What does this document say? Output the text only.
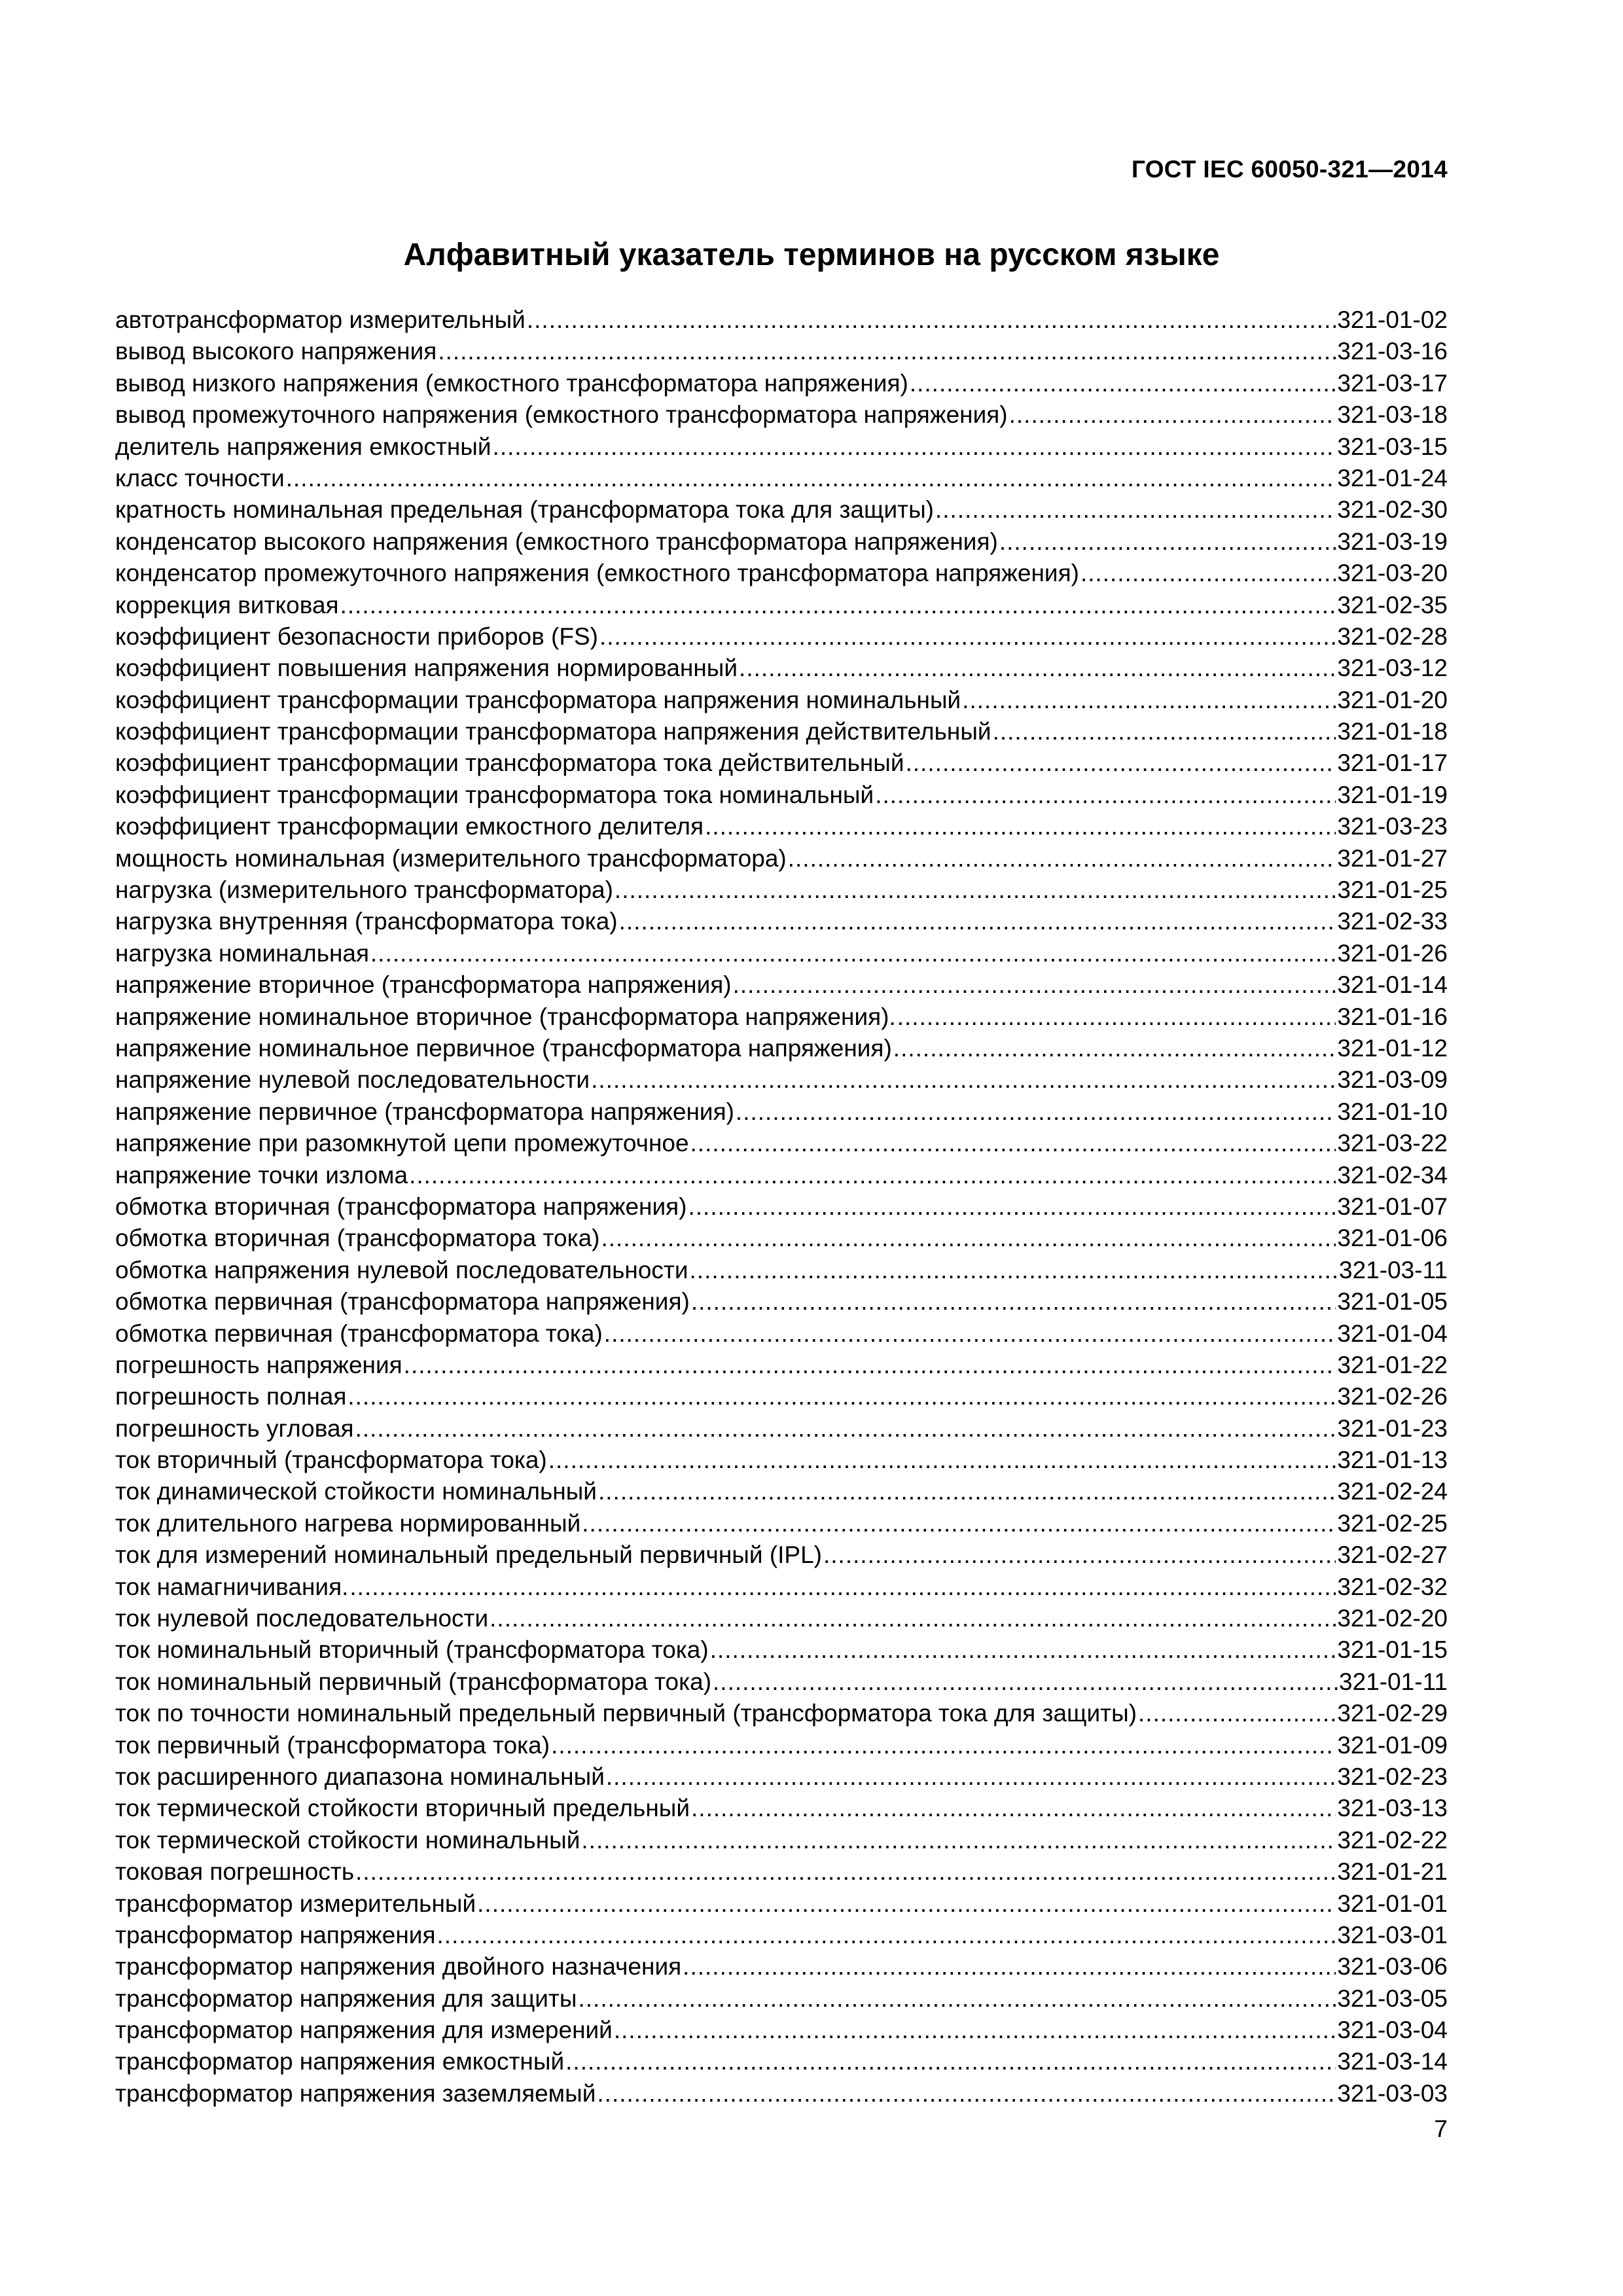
ГОСТ IEC 60050-321—2014
Алфавитный указатель терминов на русском языке
автотрансформатор измерительный .....	321-01-02
вывод высокого напряжения .....	321-03-16
вывод низкого напряжения (емкостного трансформатора напряжения) .....	321-03-17
вывод промежуточного напряжения (емкостного трансформатора напряжения) .....	321-03-18
делитель напряжения емкостный .....	321-03-15
класс точности .....	321-01-24
кратность номинальная предельная (трансформатора тока для защиты) .....	321-02-30
конденсатор высокого напряжения (емкостного трансформатора напряжения) .....	321-03-19
конденсатор промежуточного напряжения (емкостного трансформатора напряжения) .....	321-03-20
коррекция витковая .....	321-02-35
коэффициент безопасности приборов (FS) .....	321-02-28
коэффициент повышения напряжения нормированный .....	321-03-12
коэффициент трансформации трансформатора напряжения номинальный .....	321-01-20
коэффициент трансформации трансформатора напряжения действительный .....	321-01-18
коэффициент трансформации трансформатора тока действительный .....	321-01-17
коэффициент трансформации трансформатора тока номинальный .....	321-01-19
коэффициент трансформации емкостного делителя .....	321-03-23
мощность номинальная (измерительного трансформатора) .....	321-01-27
нагрузка (измерительного трансформатора) .....	321-01-25
нагрузка внутренняя (трансформатора тока) .....	321-02-33
нагрузка номинальная .....	321-01-26
напряжение вторичное (трансформатора напряжения) .....	321-01-14
напряжение номинальное вторичное (трансформатора напряжения). .....	321-01-16
напряжение номинальное первичное (трансформатора напряжения) .....	321-01-12
напряжение нулевой последовательности .....	321-03-09
напряжение первичное (трансформатора напряжения) .....	321-01-10
напряжение при разомкнутой цепи промежуточное .....	321-03-22
напряжение точки излома .....	321-02-34
обмотка вторичная (трансформатора напряжения) .....	321-01-07
обмотка вторичная (трансформатора тока) .....	321-01-06
обмотка напряжения нулевой последовательности .....	321-03-11
обмотка первичная (трансформатора напряжения) .....	321-01-05
обмотка первичная (трансформатора тока) .....	321-01-04
погрешность напряжения .....	321-01-22
погрешность полная .....	321-02-26
погрешность угловая .....	321-01-23
ток вторичный (трансформатора тока) .....	321-01-13
ток динамической стойкости номинальный .....	321-02-24
ток длительного нагрева нормированный .....	321-02-25
ток для измерений номинальный предельный первичный (IPL) .....	321-02-27
ток намагничивания. .....	321-02-32
ток нулевой последовательности .....	321-02-20
ток номинальный вторичный (трансформатора тока) .....	321-01-15
ток номинальный первичный (трансформатора тока) .....	321-01-11
ток по точности номинальный предельный первичный (трансформатора тока для защиты) .....	321-02-29
ток первичный (трансформатора тока) .....	321-01-09
ток расширенного диапазона номинальный .....	321-02-23
ток термической стойкости вторичный предельный .....	321-03-13
ток термической стойкости номинальный .....	321-02-22
токовая погрешность .....	321-01-21
трансформатор измерительный .....	321-01-01
трансформатор напряжения .....	321-03-01
трансформатор напряжения двойного назначения .....	321-03-06
трансформатор напряжения для защиты .....	321-03-05
трансформатор напряжения для измерений .....	321-03-04
трансформатор напряжения емкостный .....	321-03-14
трансформатор напряжения заземляемый .....	321-03-03
7
